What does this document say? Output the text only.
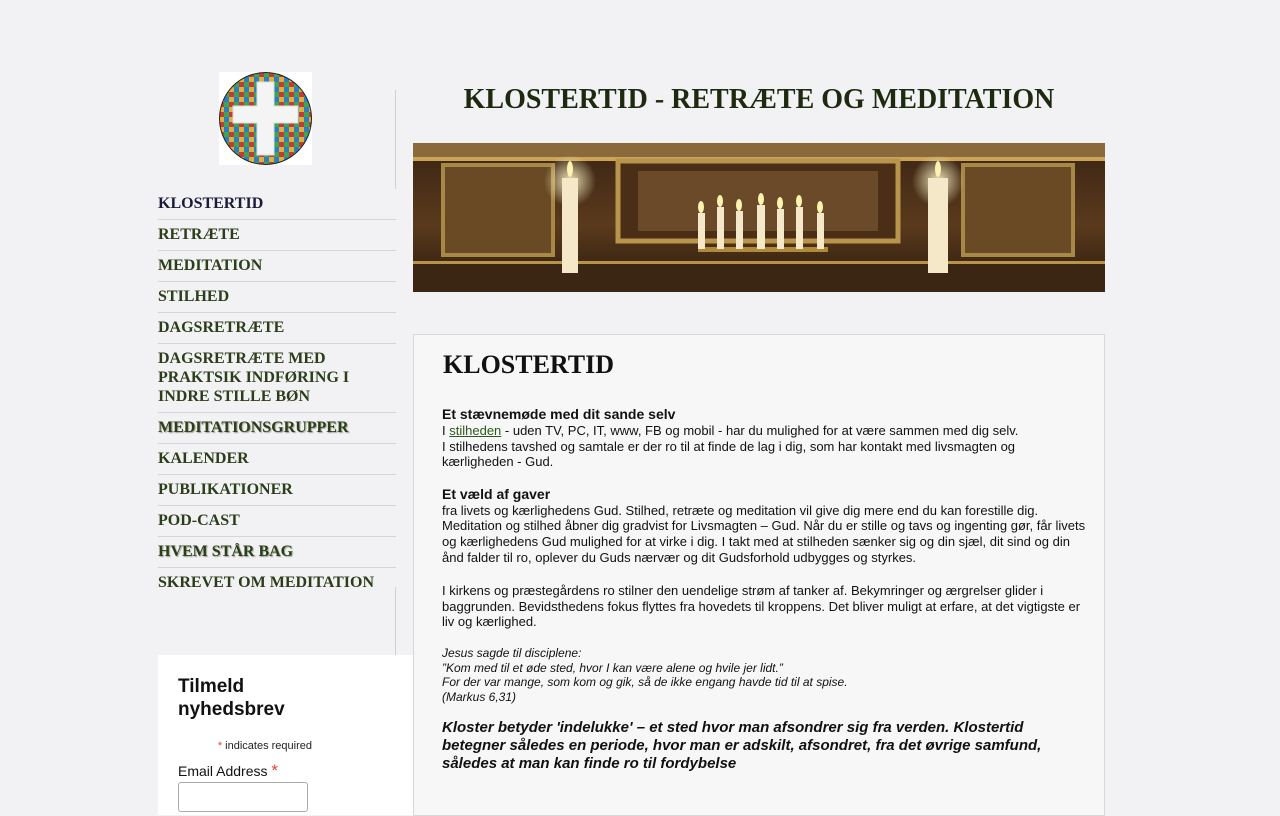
KLOSTERTID
RETRÆTE
MEDITATION
STILHED
DAGSRETRÆTE
DAGSRETRÆTE MED PRAKTSIK INDFØRING I INDRE STILLE BØN
MEDITATIONSGRUPPER
KALENDER
PUBLIKATIONER
POD-CAST
HVEM STÅR BAG
SKREVET OM MEDITATION
KLOSTERTID - RETRÆTE OG MEDITATION
KLOSTERTID

Et stævnemøde med dit sande selv

I stilheden - uden TV, PC, IT, www, FB og mobil - har du mulighed for at være sammen med dig selv.

I stilhedens tavshed og samtale er der ro til at finde de lag i dig, som har kontakt med livsmagten og kærligheden - Gud.

Et væld af gaver

fra livets og kærlighedens Gud. Stilhed, retræte og meditation vil give dig mere end du kan forestille dig. Meditation og stilhed åbner dig gradvist for Livsmagten – Gud. Når du er stille og tavs og ingenting gør, får livets og kærlighedens Gud mulighed for at virke i dig. I takt med at stilheden sænker sig og din sjæl, dit sind og din ånd falder til ro, oplever du Guds nærvær og dit Gudsforhold udbygges og styrkes.

I kirkens og præstegårdens ro stilner den uendelige strøm af tanker af. Bekymringer og ærgrelser glider i baggrunden. Bevidsthedens fokus flyttes fra hovedets til kroppens. Det bliver muligt at erfare, at det vigtigste er liv og kærlighed.

Jesus sagde til disciplene:

”Kom med til et øde sted, hvor I kan være alene og hvile jer lidt.”

For der var mange, som kom og gik, så de ikke engang havde tid til at spise.

(Markus 6,31)

Kloster betyder 'indelukke' – et sted hvor man afsondrer sig fra verden. Klostertid betegner således en periode, hvor man er adskilt, afsondret, fra det øvrige samfund, således at man kan finde ro til fordybelse

Tilmeld nyhedsbrev
* indicates required
Email Address *
